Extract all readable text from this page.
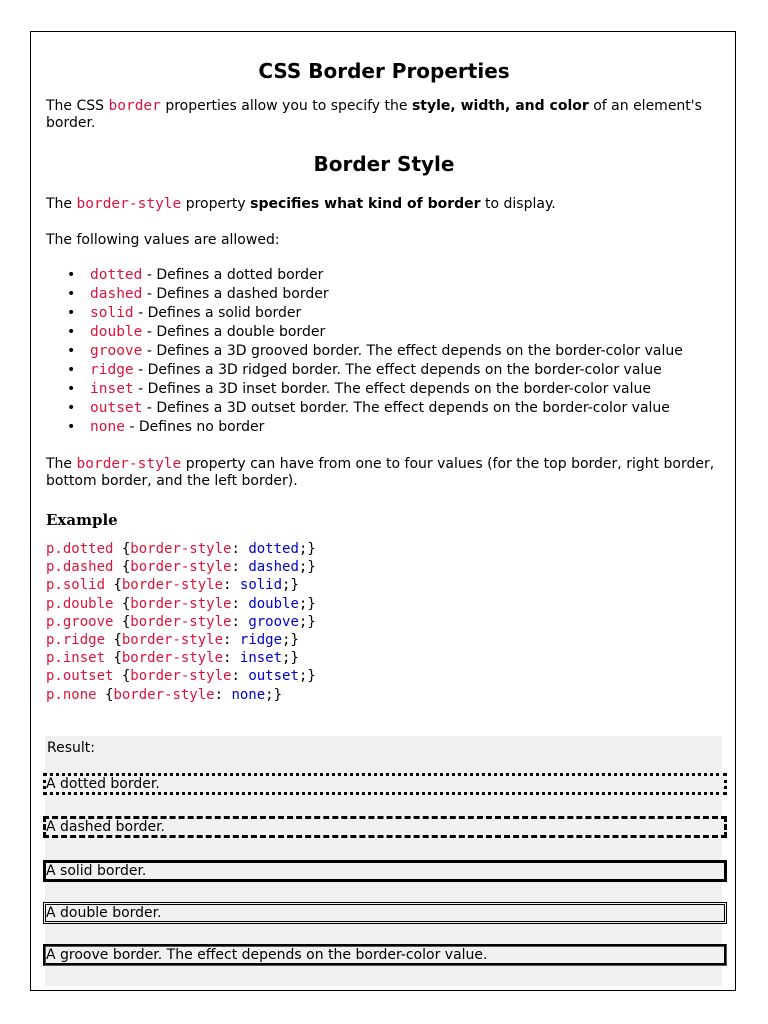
CSS Border Properties

The CSS border properties allow you to specify the style, width, and color of an element's border.

Border Style

The border-style property specifies what kind of border to display.

The following values are allowed:

• dotted - Defines a dotted border
• dashed - Defines a dashed border
• solid - Defines a solid border
• double - Defines a double border
• groove - Defines a 3D grooved border. The effect depends on the border-color value
• ridge - Defines a 3D ridged border. The effect depends on the border-color value
• inset - Defines a 3D inset border. The effect depends on the border-color value
• outset - Defines a 3D outset border. The effect depends on the border-color value
• none - Defines no border

The border-style property can have from one to four values (for the top border, right border, bottom border, and the left border).

Example
p.dotted {border-style: dotted;}
p.dashed {border-style: dashed;}
p.solid {border-style: solid;}
p.double {border-style: double;}
p.groove {border-style: groove;}
p.ridge {border-style: ridge;}
p.inset {border-style: inset;}
p.outset {border-style: outset;}
p.none {border-style: none;}
Result:
A dotted border.
A dashed border.
A solid border.
A double border.
A groove border. The effect depends on the border-color value.
